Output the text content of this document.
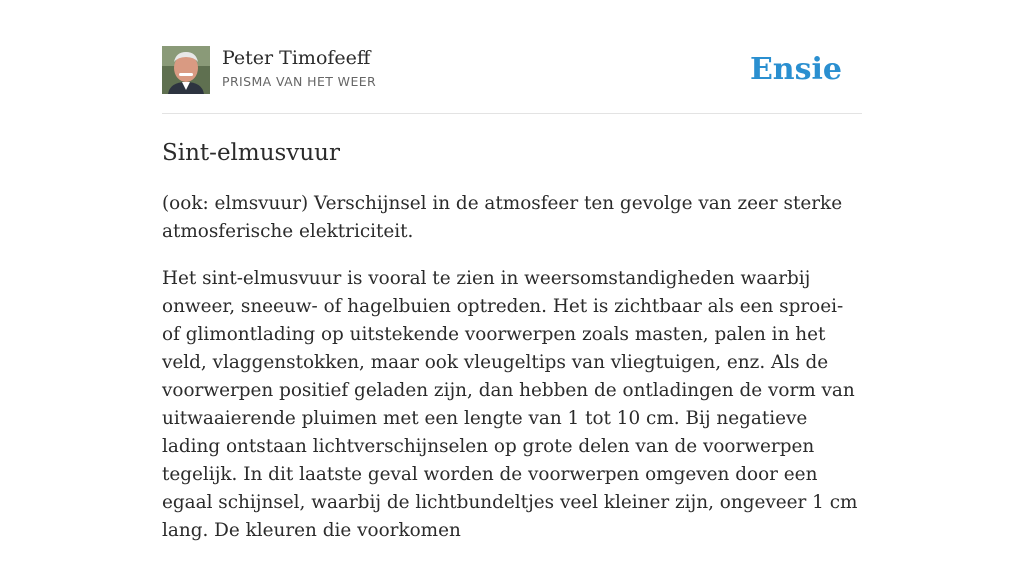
Peter Timofeeff
PRISMA VAN HET WEER	Ensie
Sint-elmusvuur

(ook: elmsvuur) Verschijnsel in de atmosfeer ten gevolge van zeer sterke atmosferische elektriciteit.

Het sint-elmusvuur is vooral te zien in weersomstandigheden waarbij onweer, sneeuw- of hagelbuien optreden. Het is zichtbaar als een sproei- of glimontlading op uitstekende voorwerpen zoals masten, palen in het veld, vlaggenstokken, maar ook vleugeltips van vliegtuigen, enz. Als de voorwerpen positief geladen zijn, dan hebben de ontladingen de vorm van uitwaaierende pluimen met een lengte van 1 tot 10 cm. Bij negatieve lading ontstaan lichtverschijnselen op grote delen van de voorwerpen tegelijk. In dit laatste geval worden de voorwerpen omgeven door een egaal schijnsel, waarbij de lichtbundeltjes veel kleiner zijn, ongeveer 1 cm lang. De kleuren die voorkomen
